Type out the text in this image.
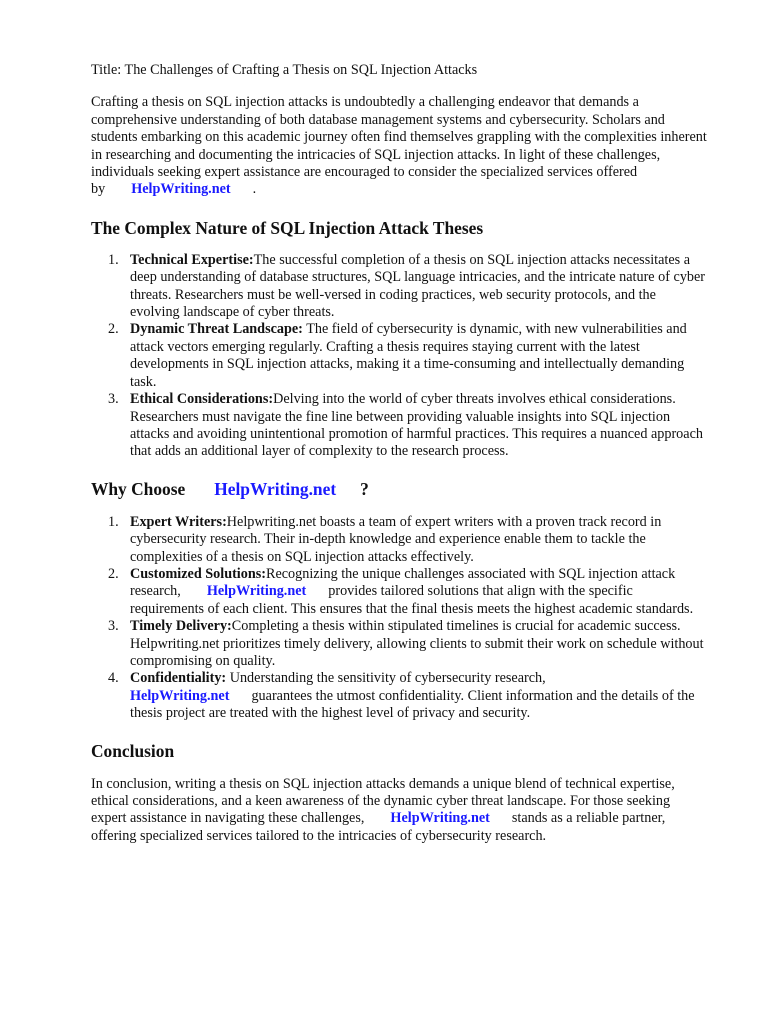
Title: The Challenges of Crafting a Thesis on SQL Injection Attacks

Crafting a thesis on SQL injection attacks is undoubtedly a challenging endeavor that demands a comprehensive understanding of both database management systems and cybersecurity. Scholars and students embarking on this academic journey often find themselves grappling with the complexities inherent in researching and documenting the intricacies of SQL injection attacks. In light of these challenges, individuals seeking expert assistance are encouraged to consider the specialized services offered by HelpWriting.net .

The Complex Nature of SQL Injection Attack Theses
1. Technical Expertise:The successful completion of a thesis on SQL injection attacks necessitates a deep understanding of database structures, SQL language intricacies, and the intricate nature of cyber threats. Researchers must be well-versed in coding practices, web security protocols, and the evolving landscape of cyber threats.
2. Dynamic Threat Landscape: The field of cybersecurity is dynamic, with new vulnerabilities and attack vectors emerging regularly. Crafting a thesis requires staying current with the latest developments in SQL injection attacks, making it a time-consuming and intellectually demanding task.
3. Ethical Considerations:Delving into the world of cyber threats involves ethical considerations. Researchers must navigate the fine line between providing valuable insights into SQL injection attacks and avoiding unintentional promotion of harmful practices. This requires a nuanced approach that adds an additional layer of complexity to the research process.
Why Choose HelpWriting.net ?
1. Expert Writers:Helpwriting.net boasts a team of expert writers with a proven track record in cybersecurity research. Their in-depth knowledge and experience enable them to tackle the complexities of a thesis on SQL injection attacks effectively.
2. Customized Solutions:Recognizing the unique challenges associated with SQL injection attack research, HelpWriting.net provides tailored solutions that align with the specific requirements of each client. This ensures that the final thesis meets the highest academic standards.
3. Timely Delivery:Completing a thesis within stipulated timelines is crucial for academic success. Helpwriting.net prioritizes timely delivery, allowing clients to submit their work on schedule without compromising on quality.
4. Confidentiality: Understanding the sensitivity of cybersecurity research,
HelpWriting.net guarantees the utmost confidentiality. Client information and the details of the thesis project are treated with the highest level of privacy and security.
Conclusion

In conclusion, writing a thesis on SQL injection attacks demands a unique blend of technical expertise, ethical considerations, and a keen awareness of the dynamic cyber threat landscape. For those seeking expert assistance in navigating these challenges, HelpWriting.net stands as a reliable partner, offering specialized services tailored to the intricacies of cybersecurity research.
